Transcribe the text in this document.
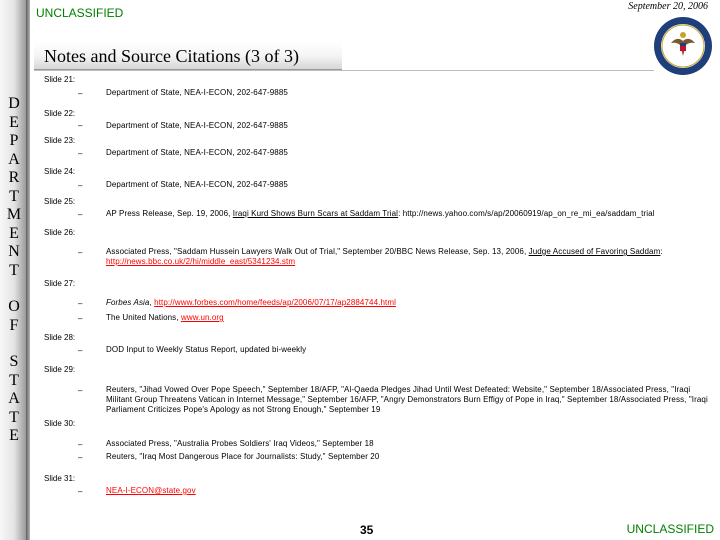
D
E
P
A
R
T
M
E
N
T
O
F
S
T
A
T
E
UNCLASSIFIED	September 20, 2006
Notes and Source Citations (3 of 3)
Slide 21:
–	Department of State, NEA-I-ECON, 202-647-9885
Slide 22:
–	Department of State, NEA-I-ECON, 202-647-9885
Slide 23:
–	Department of State, NEA-I-ECON, 202-647-9885
Slide 24:
–	Department of State, NEA-I-ECON, 202-647-9885
Slide 25:
–	AP Press Release, Sep. 19, 2006, Iraqi Kurd Shows Burn Scars at Saddam Trial: http://news.yahoo.com/s/ap/20060919/ap_on_re_mi_ea/saddam_trial
Slide 26:
–	Associated Press, "Saddam Hussein Lawyers Walk Out of Trial," September 20/BBC News Release, Sep. 13, 2006, Judge Accused of Favoring Saddam: http://news.bbc.co.uk/2/hi/middle_east/5341234.stm
Slide 27:
–	Forbes Asia, http://www.forbes.com/home/feeds/ap/2006/07/17/ap2884744.html
–	The United Nations, www.un.org
Slide 28:
–	DOD Input to Weekly Status Report, updated bi-weekly
Slide 29:
–	Reuters, "Jihad Vowed Over Pope Speech," September 18/AFP, "Al-Qaeda Pledges Jihad Until West Defeated: Website," September 18/Associated Press, "Iraqi Militant Group Threatens Vatican in Internet Message," September 16/AFP, "Angry Demonstrators Burn Effigy of Pope in Iraq," September 18/Associated Press, "Iraqi Parliament Criticizes Pope's Apology as not Strong Enough," September 19
Slide 30:
–	Associated Press, "Australia Probes Soldiers' Iraq Videos," September 18
–	Reuters, "Iraq Most Dangerous Place for Journalists: Study," September 20
Slide 31:
–	NEA-I-ECON@state.gov
35	UNCLASSIFIED
